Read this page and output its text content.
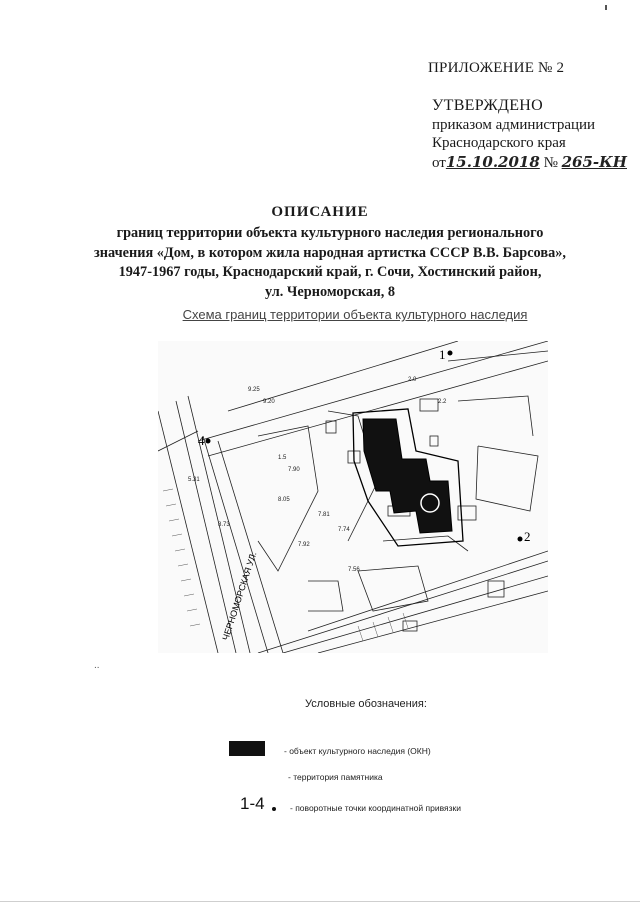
ПРИЛОЖЕНИЕ № 2
УТВЕРЖДЕНО
приказом администрации
Краснодарского края
от15.10.2018 № 265-КН
ОПИСАНИЕ
границ территории объекта культурного наследия регионального
значения «Дом, в котором жила народная артистка СССР В.В. Барсова»,
1947-1967 годы, Краснодарский край, г. Сочи, Хостинский район,
ул. Черноморская, 8
Схема границ территории объекта культурного наследия
1
2
4
ЧЕРНОМОРСКАЯ УЛ.
1.5
2.0
2.2
9.25
9.20
8.05
7.90
7.81
7.74
7.56
7.92
8.73
5.31
..
Условные обозначения:
- объект культурного наследия (ОКН)
- территория памятника
1-4	- поворотные точки координатной привязки
